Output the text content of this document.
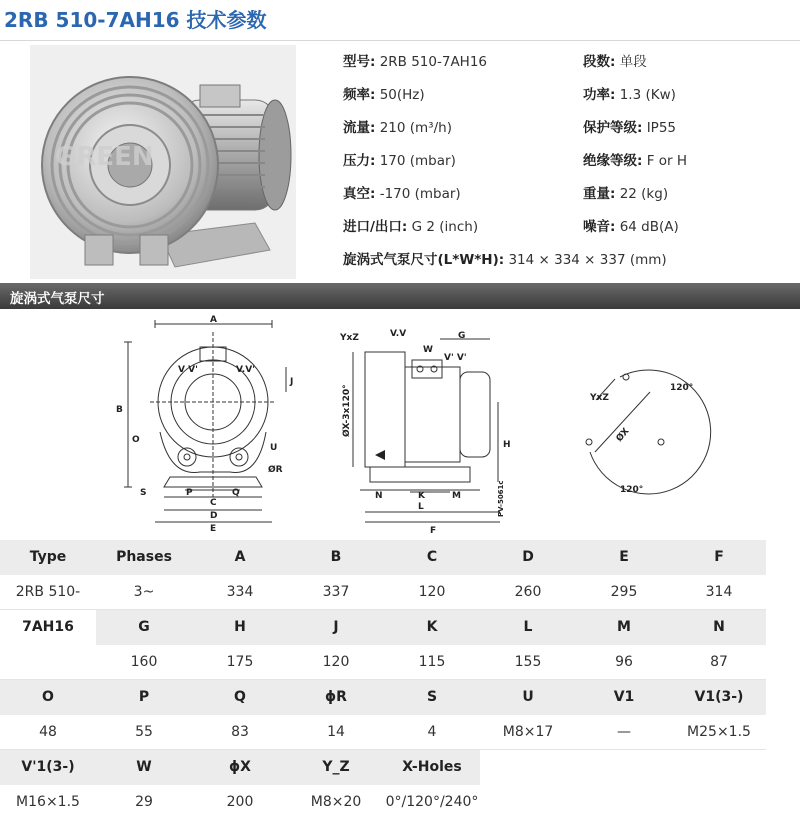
2RB 510-7AH16 技术参数
GREEN
型号: 2RB 510-7AH16	段数: 单段
频率: 50(Hz)	功率: 1.3 (Kw)
流量: 210 (m³/h)	保护等级: IP55
压力: 170 (mbar)	绝缘等级: F or H
真空: -170 (mbar)	重量: 22 (kg)
进口/出口: G 2 (inch)	噪音: 64 dB(A)
旋涡式气泵尺寸(L*W*H): 314 × 334 × 337 (mm)
旋涡式气泵尺寸
A
B
V V'	V.V'
J
O
S	P
C
Q
D
E
U
ØR
YxZ	V.V
W
G
V' V'
ØX-3x120°
H
N	K
L
M
F
PV-5061c
YxZ
ØX
120°
120°
Type	Phases	A	B	C	D	E	F
2RB 510-	3~	334	337	120	260	295	314
7AH16	G	H	J	K	L	M	N
	160	175	120	115	155	96	87
O	P	Q	ϕR	S	U	V1	V1(3-)
48	55	83	14	4	M8×17	—	M25×1.5
V'1(3-)	W	ϕX	Y_Z	X-Holes			
M16×1.5	29	200	M8×20	0°/120°/240°			
